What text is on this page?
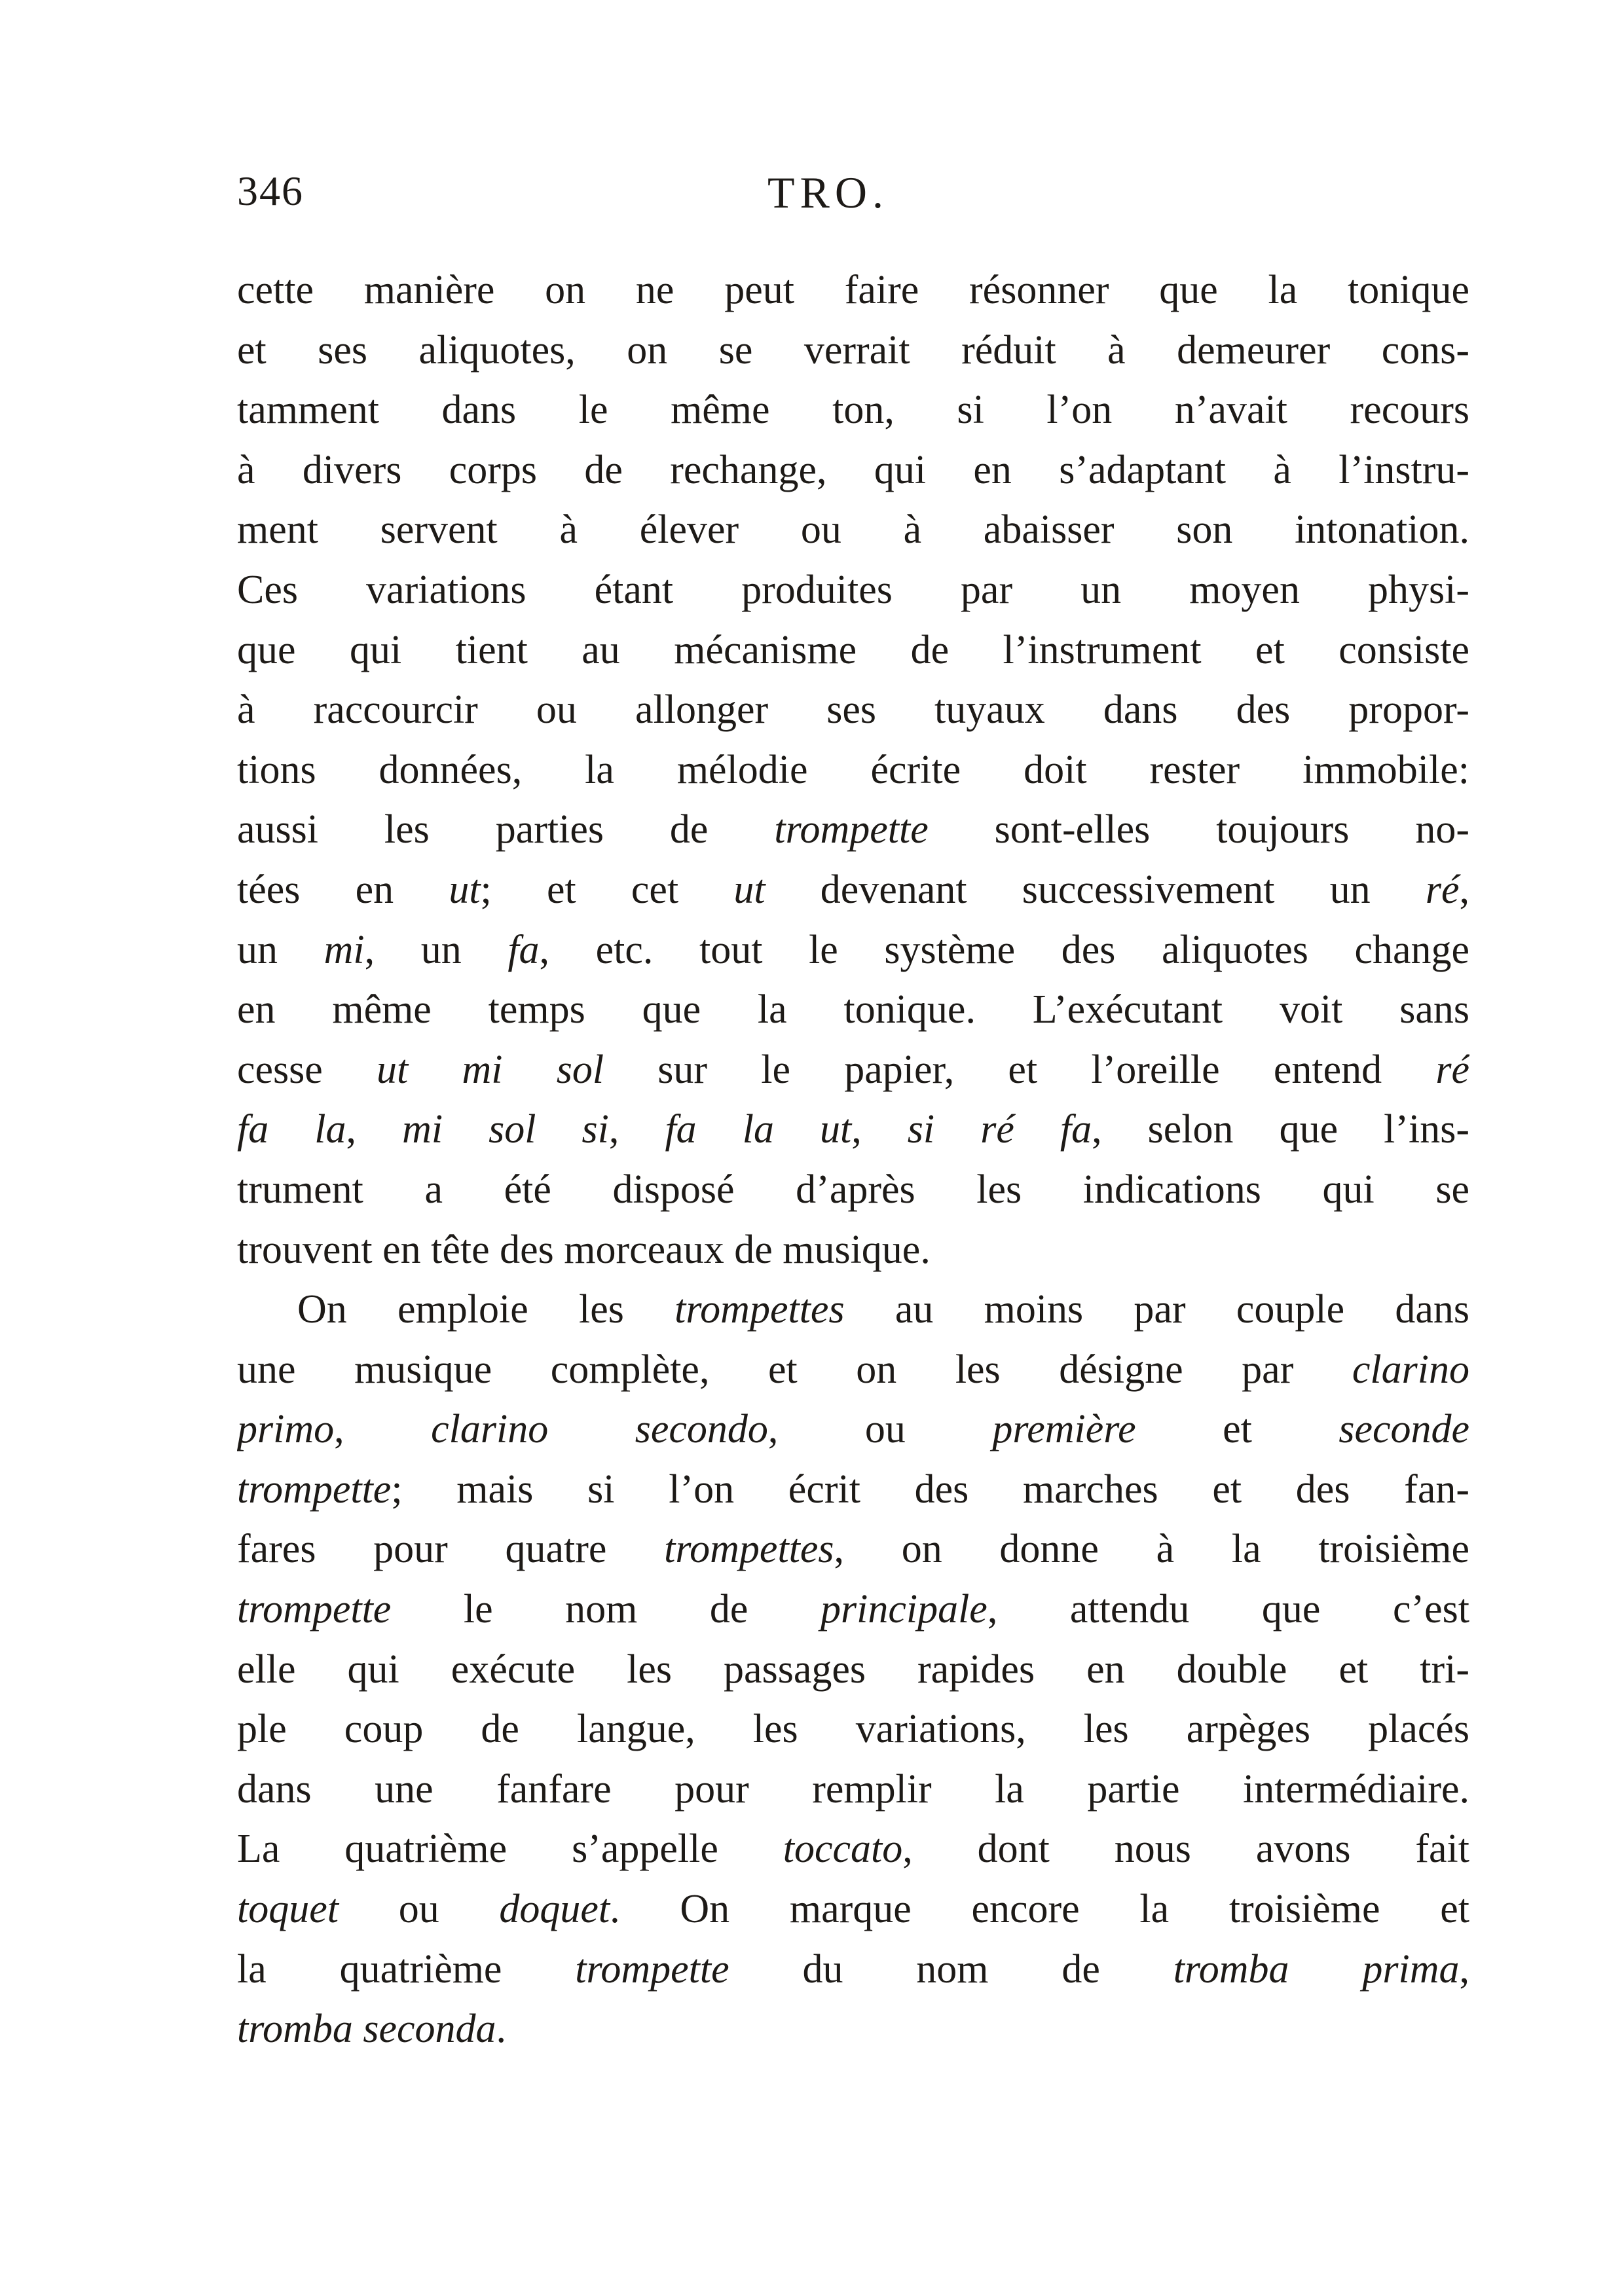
346	TRO.
cette manière on ne peut faire résonner que la tonique
et ses aliquotes, on se verrait réduit à demeurer cons-
tamment dans le même ton, si l’on n’avait recours
à divers corps de rechange, qui en s’adaptant à l’instru-
ment servent à élever ou à abaisser son intonation.
Ces variations étant produites par un moyen physi-
que qui tient au mécanisme de l’instrument et consiste
à raccourcir ou allonger ses tuyaux dans des propor-
tions données, la mélodie écrite doit rester immobile:
aussi les parties de trompette sont-elles toujours no-
tées en ut; et cet ut devenant successivement un ré,
un mi, un fa, etc. tout le système des aliquotes change
en même temps que la tonique. L’exécutant voit sans
cesse ut mi sol sur le papier, et l’oreille entend ré
fa la, mi sol si, fa la ut, si ré fa, selon que l’ins-
trument a été disposé d’après les indications qui se
trouvent en tête des morceaux de musique.
On emploie les trompettes au moins par couple dans
une musique complète, et on les désigne par clarino
primo, clarino secondo, ou première et seconde
trompette; mais si l’on écrit des marches et des fan-
fares pour quatre trompettes, on donne à la troisième
trompette le nom de principale, attendu que c’est
elle qui exécute les passages rapides en double et tri-
ple coup de langue, les variations, les arpèges placés
dans une fanfare pour remplir la partie intermédiaire.
La quatrième s’appelle toccato, dont nous avons fait
toquet ou doquet. On marque encore la troisième et
la quatrième trompette du nom de tromba prima,
tromba seconda.
